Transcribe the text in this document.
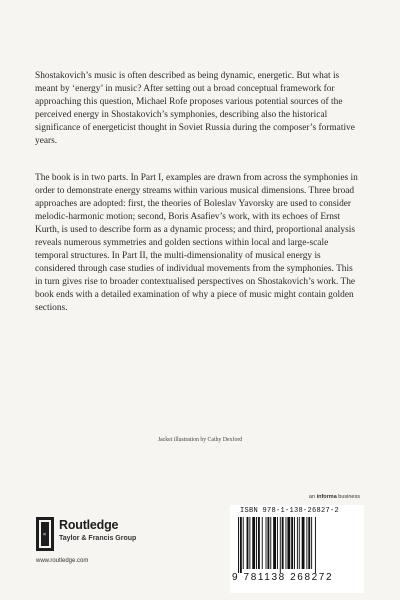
Shostakovich’s music is often described as being dynamic, energetic. But what is meant by ‘energy’ in music? After setting out a broad conceptual framework for approaching this question, Michael Rofe proposes various potential sources of the perceived energy in Shostakovich’s symphonies, describing also the historical significance of energeticist thought in Soviet Russia during the composer’s formative years.

The book is in two parts. In Part I, examples are drawn from across the symphonies in order to demonstrate energy streams within various musical dimensions. Three broad approaches are adopted: first, the theories of Boleslav Yavorsky are used to consider melodic-harmonic motion; second, Boris Asafiev’s work, with its echoes of Ernst Kurth, is used to describe form as a dynamic process; and third, proportional analysis reveals numerous symmetries and golden sections within local and large-scale temporal structures. In Part II, the multi-dimensionality of musical energy is considered through case studies of individual movements from the symphonies. This in turn gives rise to broader contextualised perspectives on Shostakovich’s work. The book ends with a detailed examination of why a piece of music might contain golden sections.

Jacket illustration by Cathy Dexford

an informa business
ISBN 978-1-138-26827-2
9 781138 268272
R
Routledge
Taylor & Francis Group
www.routledge.com
